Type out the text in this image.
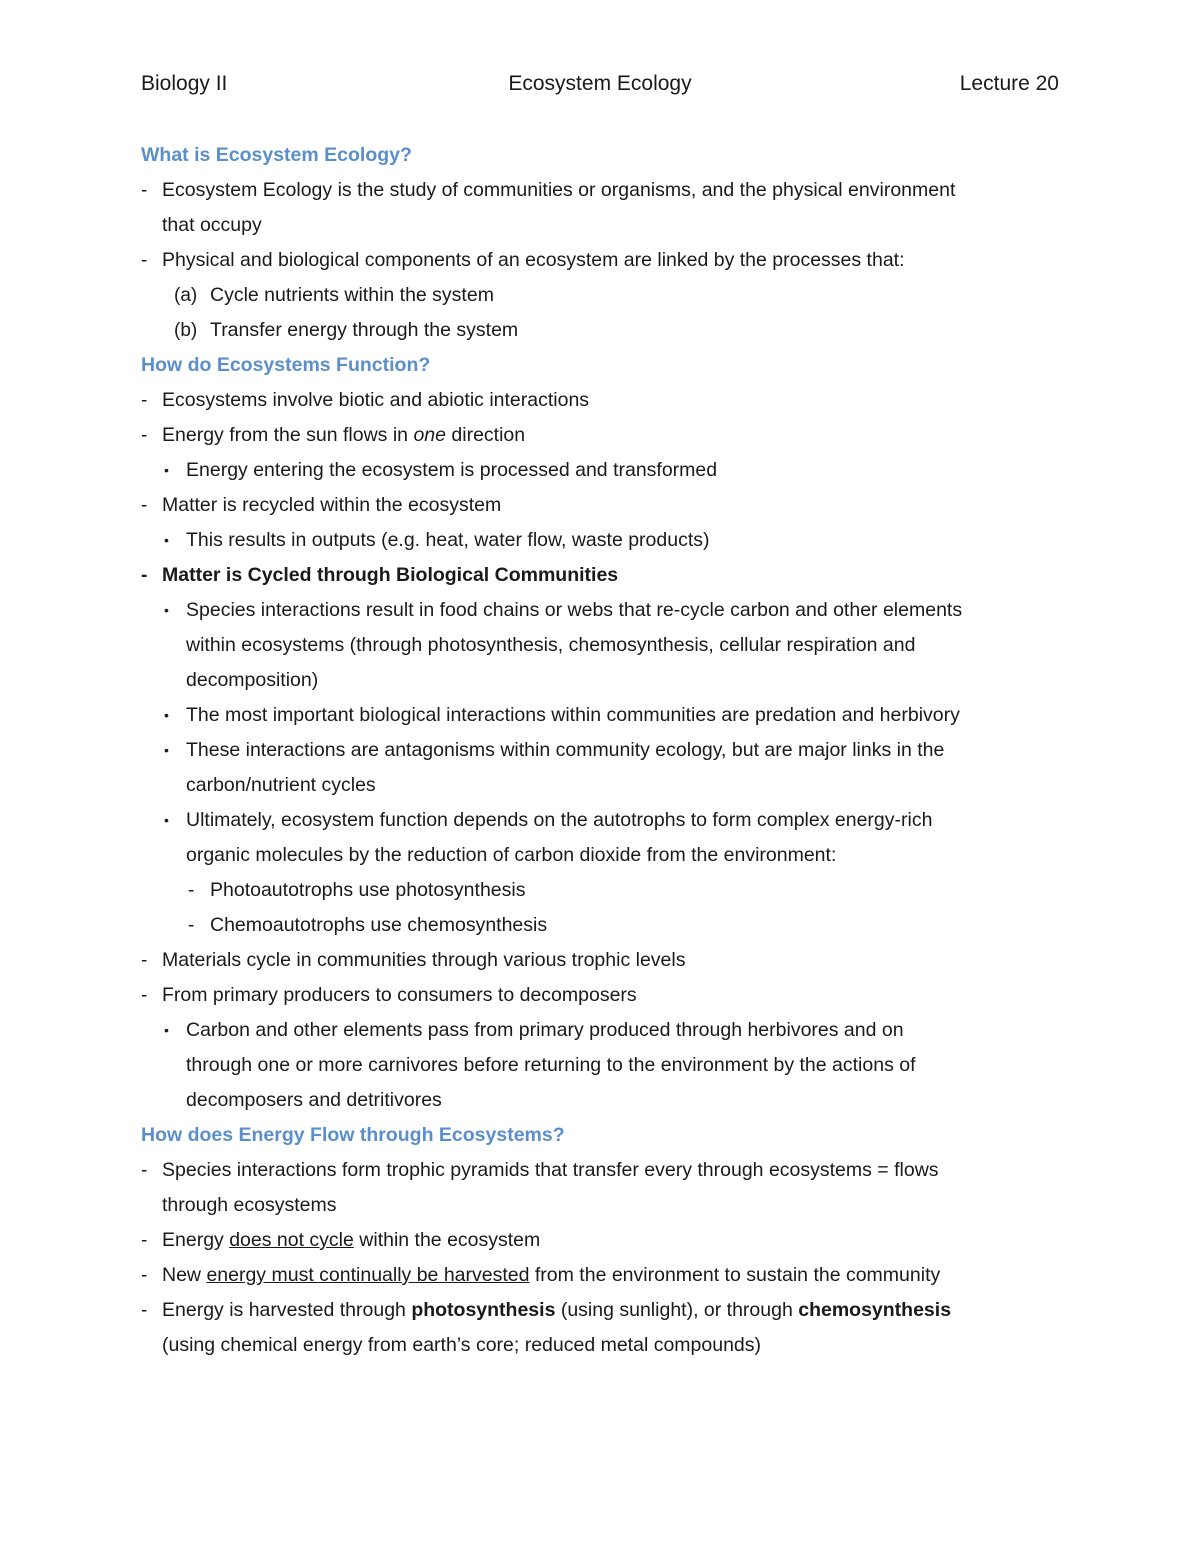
Biology II	Ecosystem Ecology	Lecture 20
What is Ecosystem Ecology?
- Ecosystem Ecology is the study of communities or organisms, and the physical environment
that occupy
- Physical and biological components of an ecosystem are linked by the processes that:
(a) Cycle nutrients within the system
(b) Transfer energy through the system
How do Ecosystems Function?
- Ecosystems involve biotic and abiotic interactions
- Energy from the sun flows in one direction
• Energy entering the ecosystem is processed and transformed
- Matter is recycled within the ecosystem
• This results in outputs (e.g. heat, water flow, waste products)
- Matter is Cycled through Biological Communities
• Species interactions result in food chains or webs that re-cycle carbon and other elements
within ecosystems (through photosynthesis, chemosynthesis, cellular respiration and
decomposition)
• The most important biological interactions within communities are predation and herbivory
• These interactions are antagonisms within community ecology, but are major links in the
carbon/nutrient cycles
• Ultimately, ecosystem function depends on the autotrophs to form complex energy-rich
organic molecules by the reduction of carbon dioxide from the environment:
- Photoautotrophs use photosynthesis
- Chemoautotrophs use chemosynthesis
- Materials cycle in communities through various trophic levels
- From primary producers to consumers to decomposers
• Carbon and other elements pass from primary produced through herbivores and on
through one or more carnivores before returning to the environment by the actions of
decomposers and detritivores
How does Energy Flow through Ecosystems?
- Species interactions form trophic pyramids that transfer every through ecosystems = flows
through ecosystems
- Energy does not cycle within the ecosystem
- New energy must continually be harvested from the environment to sustain the community
- Energy is harvested through photosynthesis (using sunlight), or through chemosynthesis
(using chemical energy from earth’s core; reduced metal compounds)
